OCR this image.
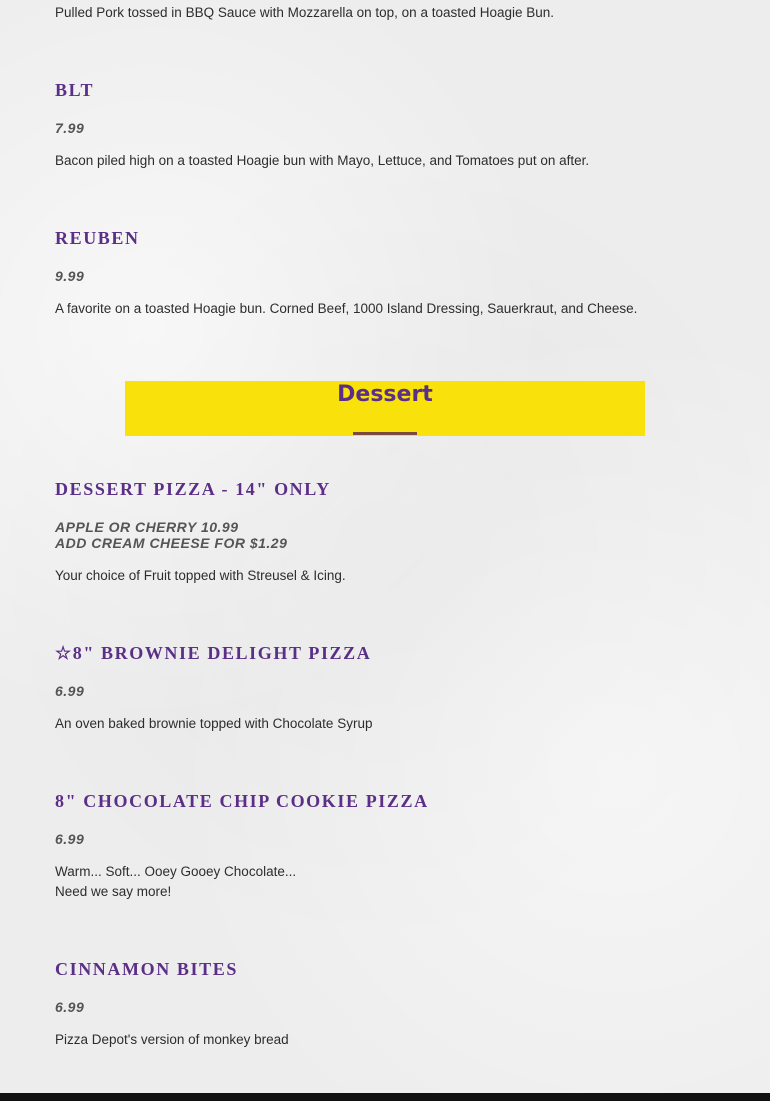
Pulled Pork tossed in BBQ Sauce with Mozzarella on top, on a toasted Hoagie Bun.
BLT
7.99
Bacon piled high on a toasted Hoagie bun with Mayo, Lettuce, and Tomatoes put on after.
REUBEN
9.99
A favorite on a toasted Hoagie bun. Corned Beef, 1000 Island Dressing, Sauerkraut, and Cheese.
Dessert
DESSERT PIZZA - 14" ONLY
APPLE OR CHERRY 10.99
ADD CREAM CHEESE FOR $1.29
Your choice of Fruit topped with Streusel & Icing.
☆8" BROWNIE DELIGHT PIZZA
6.99
An oven baked brownie topped with Chocolate Syrup
8" CHOCOLATE CHIP COOKIE PIZZA
6.99
Warm... Soft... Ooey Gooey Chocolate...
Need we say more!
CINNAMON BITES
6.99
Pizza Depot's version of monkey bread
